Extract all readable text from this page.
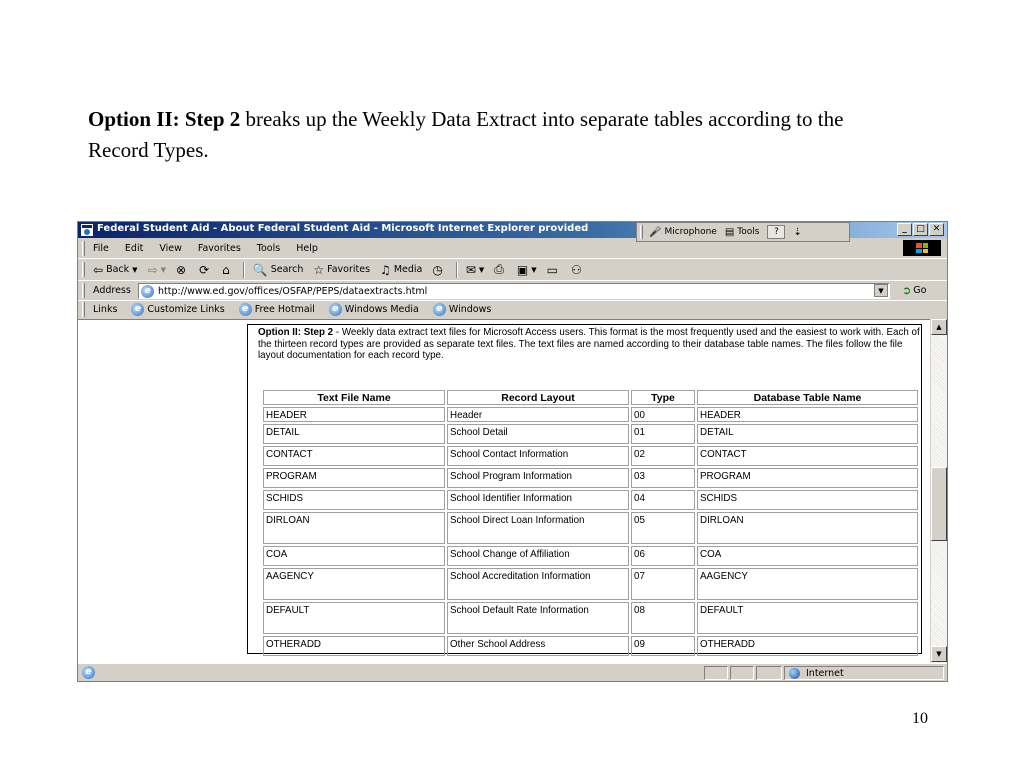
Option II: Step 2 breaks up the Weekly Data Extract into separate tables according to the Record Types.
Federal Student Aid - About Federal Student Aid - Microsoft Internet Explorer provided	🎤 Microphone ▤ Tools	?	⇣	_	□ ✕
File Edit View Favorites Tools Help
⇦ Back
▼ ⇨ ▼ ⊗ ⟳ ⌂ 🔍 Search ☆ Favorites ♫ Media ◷ ✉ ▼ ⎙ ▣ ▼ ▭ ⚇
Address	e http://www.ed.gov/offices/OSFAP/PEPS/dataextracts.html	▼	➲ Go
Links	e Customize Links	e Free Hotmail	e Windows Media	e Windows
Option II: Step 2 - Weekly data extract text files for Microsoft Access users. This format is the most frequently used and the easiest to work with. Each of the thirteen record types are provided as separate text files. The text files are named according to their database table names. The files follow the file layout documentation for each record type.
Text File Name	Record Layout	Type	Database Table Name
HEADER	Header	00	HEADER
DETAIL	School Detail	01	DETAIL
CONTACT	School Contact Information	02	CONTACT
PROGRAM	School Program Information	03	PROGRAM
SCHIDS	School Identifier Information	04	SCHIDS
DIRLOAN	School Direct Loan Information	05	DIRLOAN
COA	School Change of Affiliation	06	COA
AAGENCY	School Accreditation Information	07	AAGENCY
DEFAULT	School Default Rate Information	08	DEFAULT
OTHERADD	Other School Address	09	OTHERADD
▲
▼
e	Internet
10
